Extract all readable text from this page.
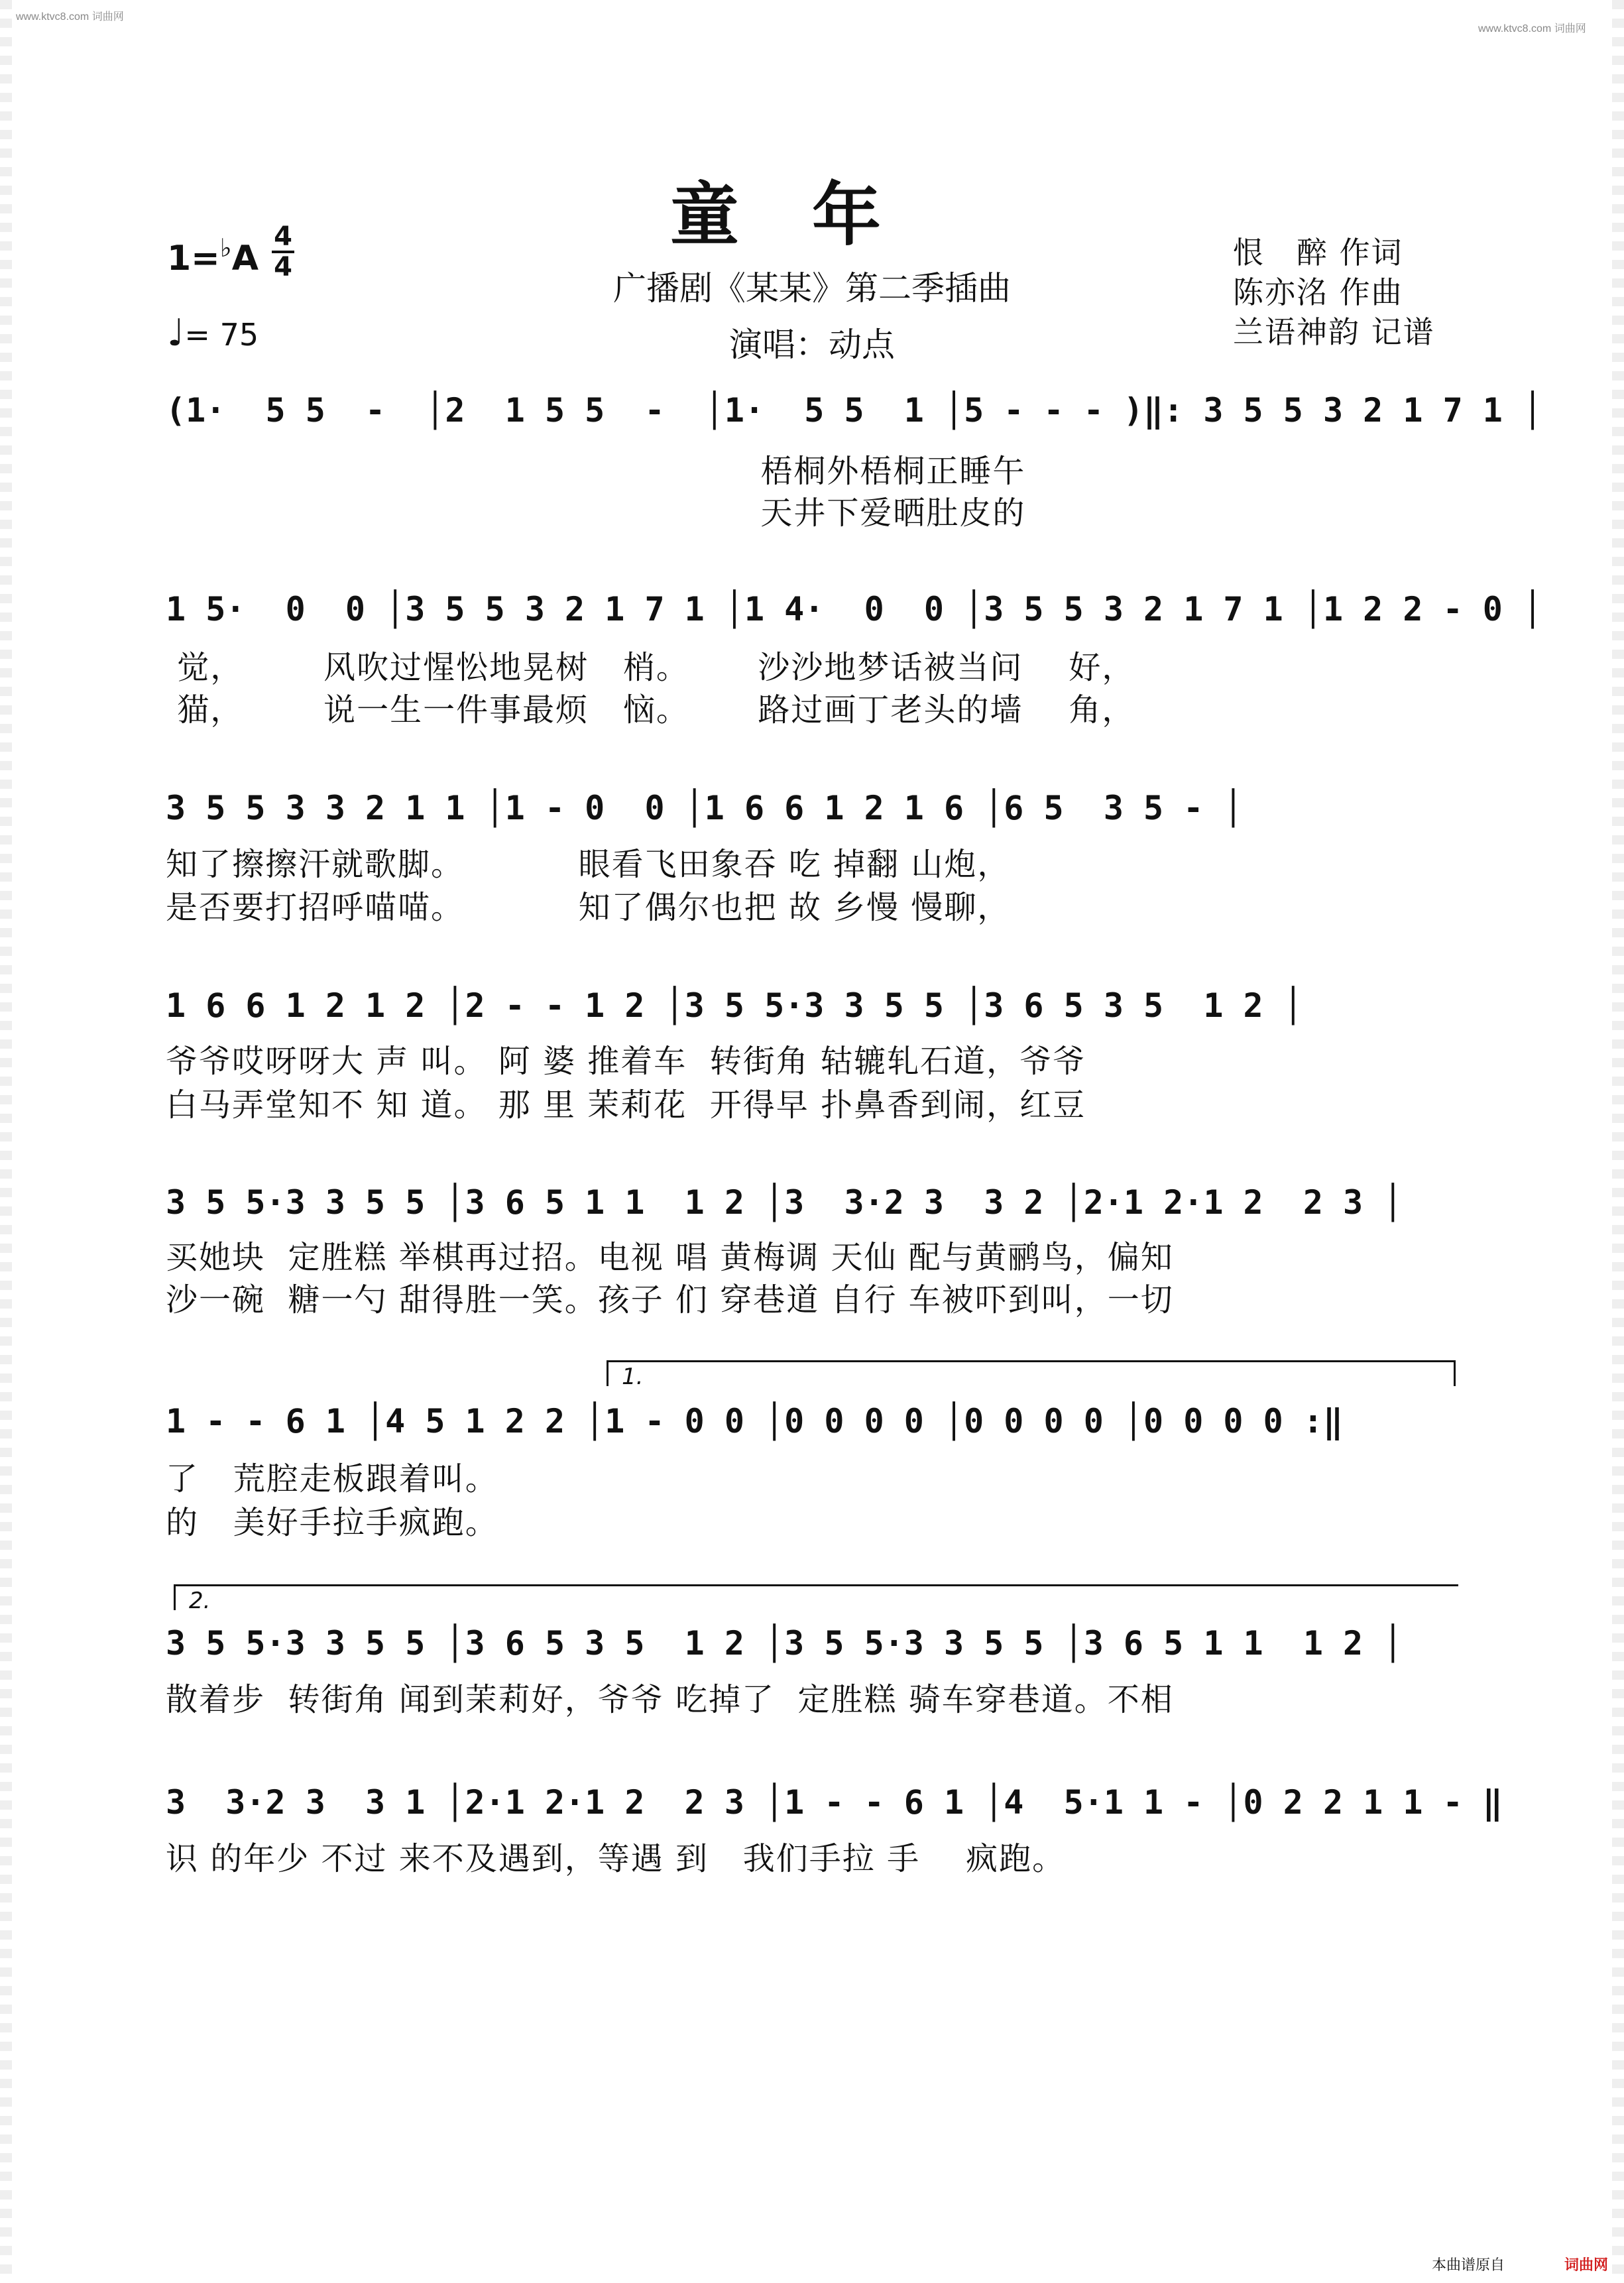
www.ktvc8.com 词曲网
www.ktvc8.com 词曲网
童年
广播剧《某某》第二季插曲
演唱：动点
1=♭A
4
4
♩= 75
恨　醉 作词
陈亦洺 作曲
兰语神韵 记谱
(1·  5 5  -  │2  1 5 5  -  │1·  5 5  1 │5 - - - )‖: 3 5 5 3 2 1 7 1 │
梧桐外梧桐正睡午
天井下爱晒肚皮的
1 5·  0  0 │3 5 5 3 2 1 7 1 │1 4·  0  0 │3 5 5 3 2 1 7 1 │1 2 2 - 0 │
觉，       风吹过惺忪地晃树   梢。      沙沙地梦话被当问    好，
猫，       说一生一件事最烦   恼。      路过画丁老头的墙    角，
3 5 5 3 3 2 1 1 │1 - 0  0 │1 6 6 1 2 1 6 │6 5  3 5 - │
知了擦擦汗就歌脚。          眼看飞田象吞 吃 掉翻 山炮，
是否要打招呼喵喵。          知了偶尔也把 故 乡慢 慢聊，
1 6 6 1 2 1 2 │2 - - 1 2 │3 5 5·3 3 5 5 │3 6 5 3 5  1 2 │
爷爷哎呀呀大 声 叫。 阿 婆 推着车  转街角 轱辘轧石道，爷爷
白马弄堂知不 知 道。 那 里 茉莉花  开得早 扑鼻香到闹，红豆
3 5 5·3 3 5 5 │3 6 5 1 1  1 2 │3  3·2 3  3 2 │2·1 2·1 2  2 3 │
买她块  定胜糕 举棋再过招。电视 唱 黄梅调 天仙 配与黄鹂鸟，偏知
沙一碗  糖一勺 甜得胜一笑。孩子 们 穿巷道 自行 车被吓到叫，一切
1.
1 - - 6 1 │4 5 1 2 2 │1 - 0 0 │0 0 0 0 │0 0 0 0 │0 0 0 0 :‖
了   荒腔走板跟着叫。
的   美好手拉手疯跑。
2.
3 5 5·3 3 5 5 │3 6 5 3 5  1 2 │3 5 5·3 3 5 5 │3 6 5 1 1  1 2 │
散着步  转街角 闻到茉莉好，爷爷 吃掉了  定胜糕 骑车穿巷道。不相
3  3·2 3  3 1 │2·1 2·1 2  2 3 │1 - - 6 1 │4  5·1 1 - │0 2 2 1 1 - ‖
识 的年少 不过 来不及遇到，等遇 到   我们手拉 手    疯跑。
本曲谱原自	词曲网
